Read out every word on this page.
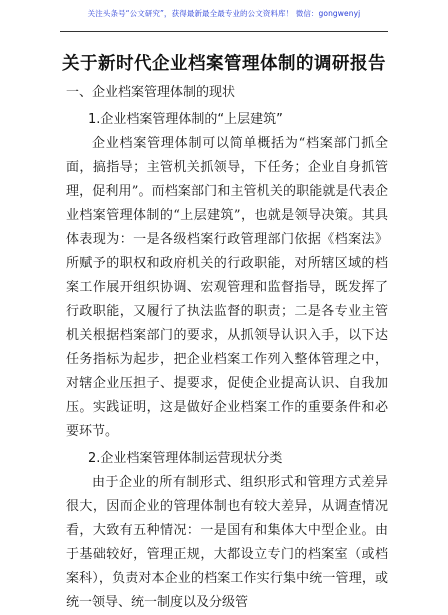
关注头条号“公文研究”，获得最新最全最专业的公文资料库！ 微信：gongwenyj
关于新时代企业档案管理体制的调研报告

一、企业档案管理体制的现状

1.企业档案管理体制的“上层建筑”

企业档案管理体制可以简单概括为“档案部门抓全面，搞指导；主管机关抓领导，下任务；企业自身抓管理，促利用”。而档案部门和主管机关的职能就是代表企业档案管理体制的“上层建筑”，也就是领导决策。其具体表现为：一是各级档案行政管理部门依据《档案法》所赋予的职权和政府机关的行政职能，对所辖区域的档案工作展开组织协调、宏观管理和监督指导，既发挥了行政职能，又履行了执法监督的职责；二是各专业主管机关根据档案部门的要求，从抓领导认识入手，以下达任务指标为起步，把企业档案工作列入整体管理之中，对辖企业压担子、提要求，促使企业提高认识、自我加压。实践证明，这是做好企业档案工作的重要条件和必要环节。

2.企业档案管理体制运营现状分类

由于企业的所有制形式、组织形式和管理方式差异很大，因而企业的管理体制也有较大差异，从调查情况看，大致有五种情况：一是国有和集体大中型企业。由于基础较好，管理正规，大都设立专门的档案室（或档案科），负责对本企业的档案工作实行集中统一管理，或统一领导、统一制度以及分级管
